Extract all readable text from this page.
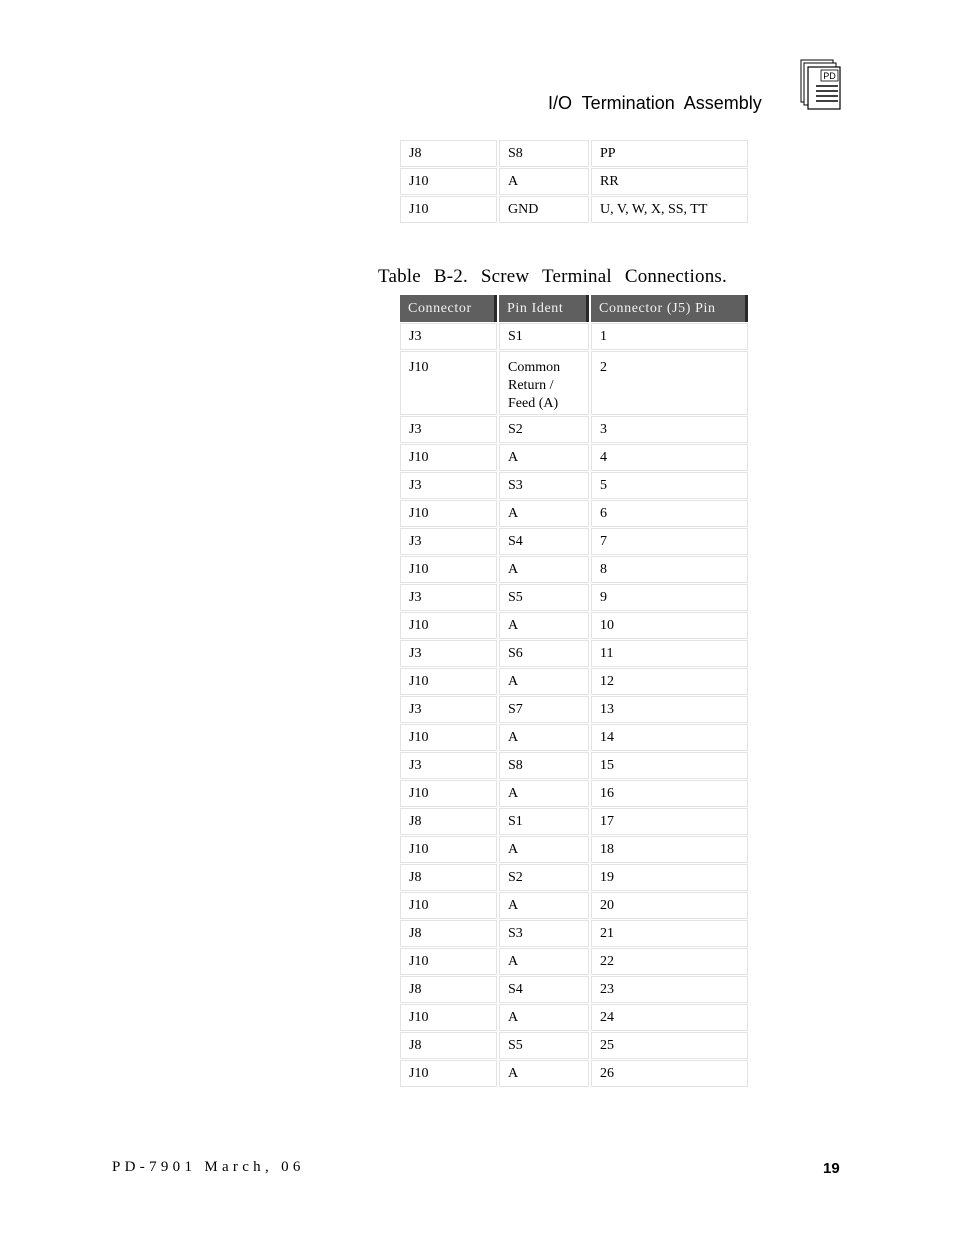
I/O Termination Assembly
PD
J8	S8	PP
J10	A	RR
J10	GND	U, V, W, X, SS, TT
Table B-2. Screw Terminal Connections.
Connector	Pin Ident	Connector (J5) Pin
J3	S1	1
J10	Common Return / Feed (A)	2
J3	S2	3
J10	A	4
J3	S3	5
J10	A	6
J3	S4	7
J10	A	8
J3	S5	9
J10	A	10
J3	S6	11
J10	A	12
J3	S7	13
J10	A	14
J3	S8	15
J10	A	16
J8	S1	17
J10	A	18
J8	S2	19
J10	A	20
J8	S3	21
J10	A	22
J8	S4	23
J10	A	24
J8	S5	25
J10	A	26
PD-7901 March, 06	19
